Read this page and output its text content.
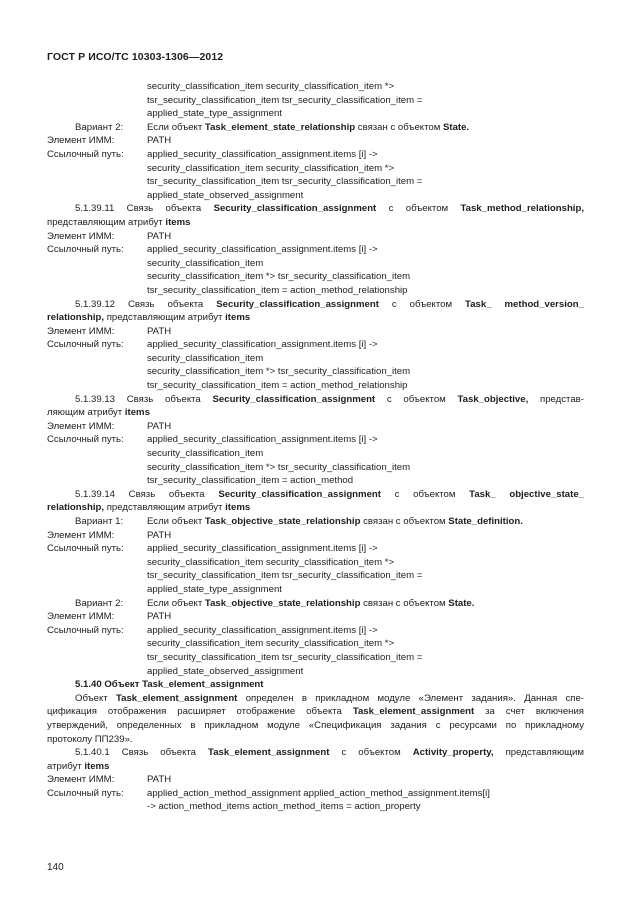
ГОСТ Р ИСО/ТС 10303-1306—2012
security_classification_item security_classification_item *>
tsr_security_classification_item tsr_security_classification_item =
applied_state_type_assignment
Вариант 2:	Если объект Task_element_state_relationship связан с объектом State.
Элемент ИММ:	PATH
Ссылочный путь:	applied_security_classification_assignment.items [i] ->
security_classification_item security_classification_item *>
tsr_security_classification_item tsr_security_classification_item =
applied_state_observed_assignment
5.1.39.11 Связь объекта Security_classification_assignment с объектом Task_method_relationship,
представляющим атрибут items
Элемент ИММ:	PATH
Ссылочный путь:	applied_security_classification_assignment.items [i] ->
security_classification_item
security_classification_item *> tsr_security_classification_item
tsr_security_classification_item = action_method_relationship
5.1.39.12 Связь объекта Security_classification_assignment с объектом Task_ method_version_
relationship, представляющим атрибут items
Элемент ИММ:	PATH
Ссылочный путь:	applied_security_classification_assignment.items [i] ->
security_classification_item
security_classification_item *> tsr_security_classification_item
tsr_security_classification_item = action_method_relationship
5.1.39.13 Связь объекта Security_classification_assignment с объектом Task_objective, представ-
ляющим атрибут items
Элемент ИММ:	PATH
Ссылочный путь:	applied_security_classification_assignment.items [i] ->
security_classification_item
security_classification_item *> tsr_security_classification_item
tsr_security_classification_item = action_method
5.1.39.14 Связь объекта Security_classification_assignment с объектом Task_ objective_state_
relationship, представляющим атрибут items
Вариант 1:	Если объект Task_objective_state_relationship связан с объектом State_definition.
Элемент ИММ:	PATH
Ссылочный путь:	applied_security_classification_assignment.items [i] ->
security_classification_item security_classification_item *>
tsr_security_classification_item tsr_security_classification_item =
applied_state_type_assignment
Вариант 2:	Если объект Task_objective_state_relationship связан с объектом State.
Элемент ИММ:	PATH
Ссылочный путь:	applied_security_classification_assignment.items [i] ->
security_classification_item security_classification_item *>
tsr_security_classification_item tsr_security_classification_item =
applied_state_observed_assignment
5.1.40 Объект Task_element_assignment
Объект Task_element_assignment определен в прикладном модуле «Элемент задания». Данная спе-
цификация отображения расширяет отображение объекта Task_element_assignment за счет включения
утверждений, определенных в прикладном модуле «Спецификация задания с ресурсами по прикладному
протоколу ПП239».
5.1.40.1 Связь объекта Task_element_assignment с объектом Activity_property, представляющим
атрибут items
Элемент ИММ:	PATH
Ссылочный путь:	applied_action_method_assignment applied_action_method_assignment.items[i]
-> action_method_items action_method_items = action_property
140
